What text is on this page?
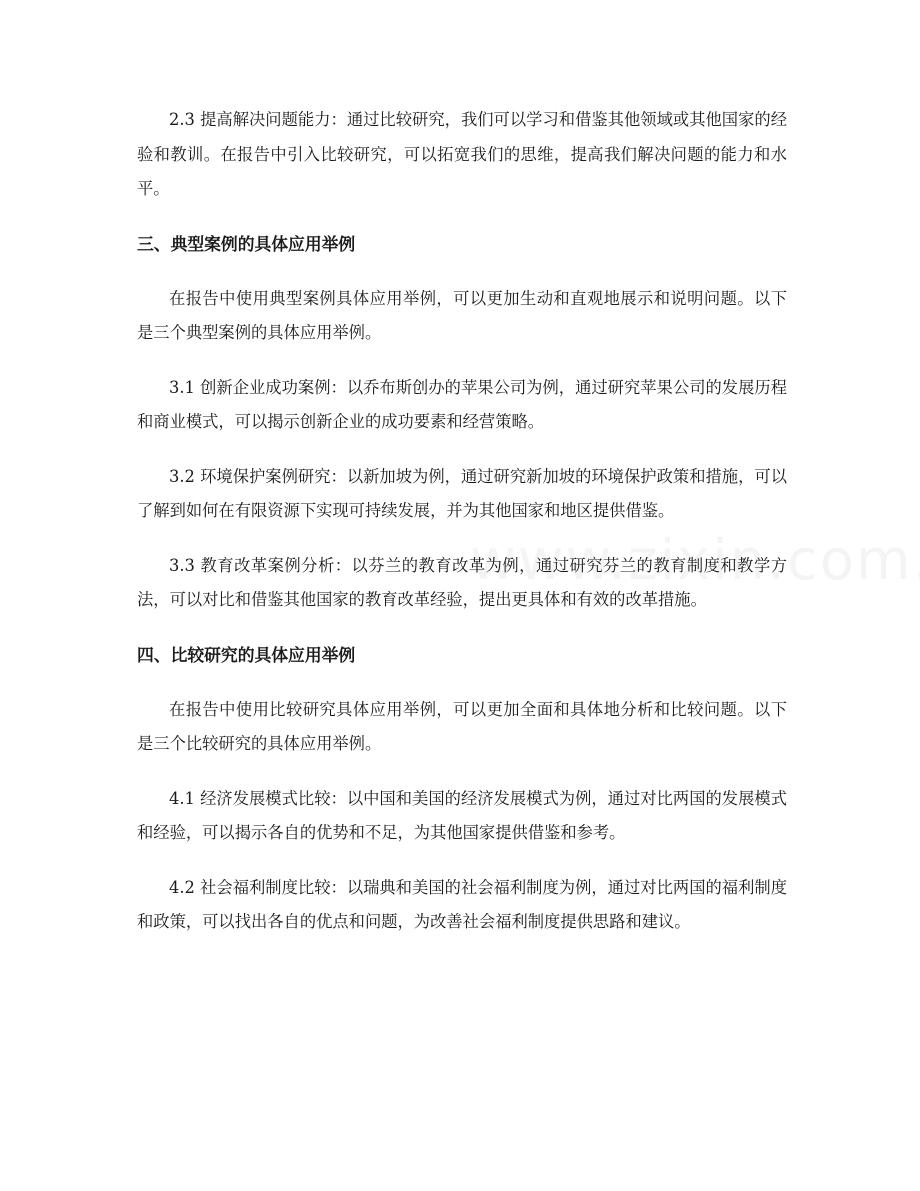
2.3 提高解决问题能力：通过比较研究，我们可以学习和借鉴其他领域或其他国家的经验和教训。在报告中引入比较研究，可以拓宽我们的思维，提高我们解决问题的能力和水平。

三、典型案例的具体应用举例

在报告中使用典型案例具体应用举例，可以更加生动和直观地展示和说明问题。以下是三个典型案例的具体应用举例。

3.1 创新企业成功案例：以乔布斯创办的苹果公司为例，通过研究苹果公司的发展历程和商业模式，可以揭示创新企业的成功要素和经营策略。

3.2 环境保护案例研究：以新加坡为例，通过研究新加坡的环境保护政策和措施，可以了解到如何在有限资源下实现可持续发展，并为其他国家和地区提供借鉴。

3.3 教育改革案例分析：以芬兰的教育改革为例，通过研究芬兰的教育制度和教学方法，可以对比和借鉴其他国家的教育改革经验，提出更具体和有效的改革措施。

四、比较研究的具体应用举例

在报告中使用比较研究具体应用举例，可以更加全面和具体地分析和比较问题。以下是三个比较研究的具体应用举例。

4.1 经济发展模式比较：以中国和美国的经济发展模式为例，通过对比两国的发展模式和经验，可以揭示各自的优势和不足，为其他国家提供借鉴和参考。

4.2 社会福利制度比较：以瑞典和美国的社会福利制度为例，通过对比两国的福利制度和政策，可以找出各自的优点和问题，为改善社会福利制度提供思路和建议。
